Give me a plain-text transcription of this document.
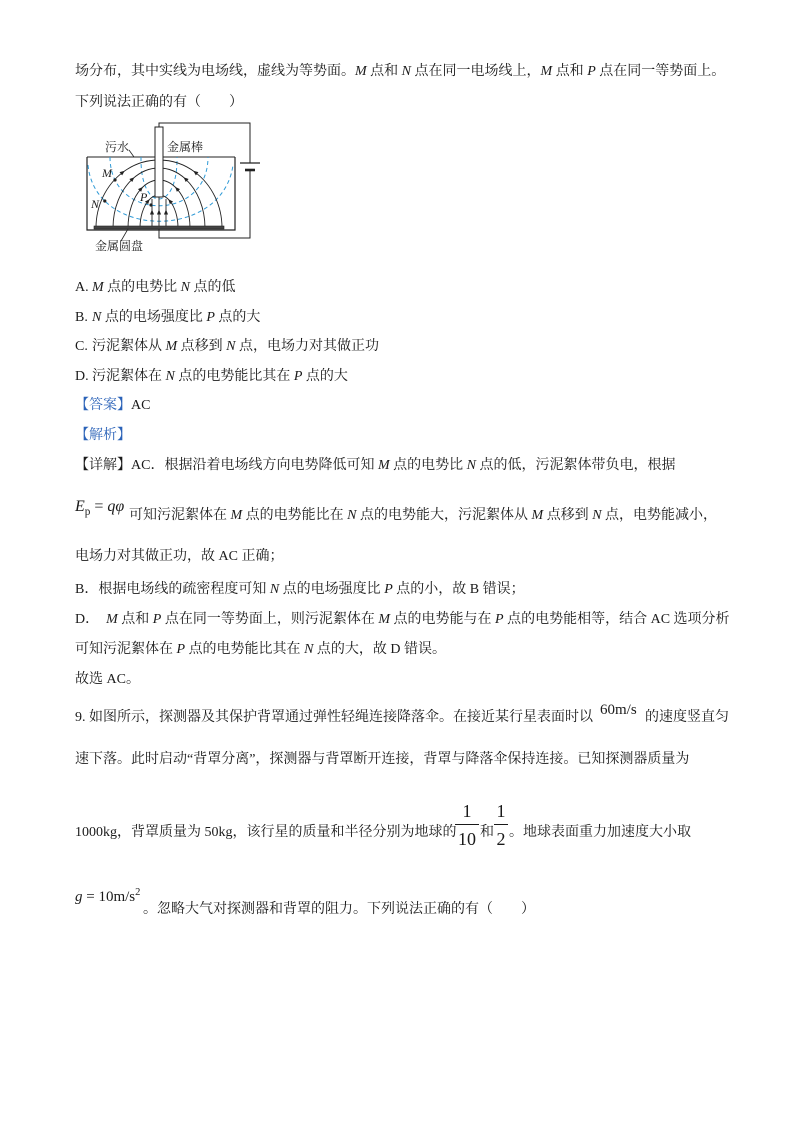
场分布，其中实线为电场线，虚线为等势面。M 点和 N 点在同一电场线上，M 点和 P 点在同一等势面上。
下列说法正确的有（　　）
污水	金属棒
金属圆盘
M
N	P
A. M 点的电势比 N 点的低
B. N 点的电场强度比 P 点的大
C. 污泥絮体从 M 点移到 N 点，电场力对其做正功
D. 污泥絮体在 N 点的电势能比其在 P 点的大
【答案】AC
【解析】
【详解】AC．根据沿着电场线方向电势降低可知 M 点的电势比 N 点的低，污泥絮体带负电，根据
$E_p = q\varphi$
可知污泥絮体在 M 点的电势能比在 N 点的电势能大，污泥絮体从 M 点移到 N 点，电势能减小，
电场力对其做正功，故 AC 正确；
B．根据电场线的疏密程度可知 N 点的电场强度比 P 点的小，故 B 错误；
D．　M 点和 P 点在同一等势面上，则污泥絮体在 M 点的电势能与在 P 点的电势能相等，结合 AC 选项分析
可知污泥絮体在 P 点的电势能比其在 N 点的大，故 D 错误。
故选 AC。
9. 如图所示，探测器及其保护背罩通过弹性轻绳连接降落伞。在接近某行星表面时以 60m/s 的速度竖直匀
速下落。此时启动“背罩分离”，探测器与背罩断开连接，背罩与降落伞保持连接。已知探测器质量为
1000kg，背罩质量为 50kg，该行星的质量和半径分别为地球的
1
10 和
1
2 。地球表面重力加速度大小取
$g = 10m/s^2$
。忽略大气对探测器和背罩的阻力。下列说法正确的有（　　）
